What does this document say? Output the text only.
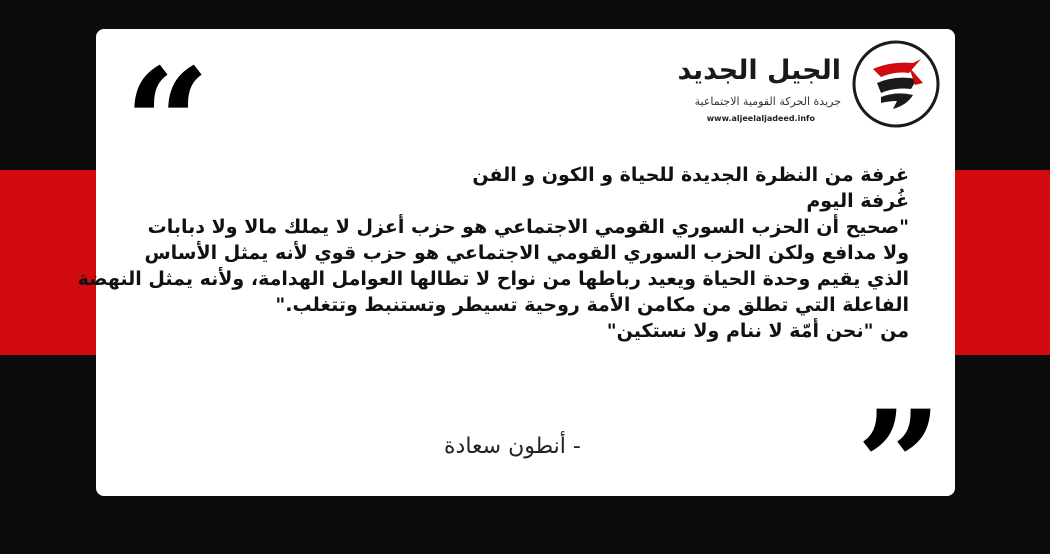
“	الجيل الجديد
جريدة الحركة القومية الاجتماعية
www.aljeelaljadeed.info
غرفة من النظرة الجديدة للحياة و الكون و الفن
غُرفة اليوم
"صحيح أن الحزب السوري القومي الاجتماعي هو حزب أعزل لا يملك مالا ولا دبابات
ولا مدافع ولكن الحزب السوري القومي الاجتماعي هو حزب قوي لأنه يمثل الأساس
الذي يقيم وحدة الحياة ويعيد رباطها من نواح لا تطالها العوامل الهدامة، ولأنه يمثل النهضة
الفاعلة التي تطلق من مكامن الأمة روحية تسيطر وتستنبط وتتغلب."
من "نحن أمّة لا ننام ولا نستكين"
- أنطون سعادة ”
